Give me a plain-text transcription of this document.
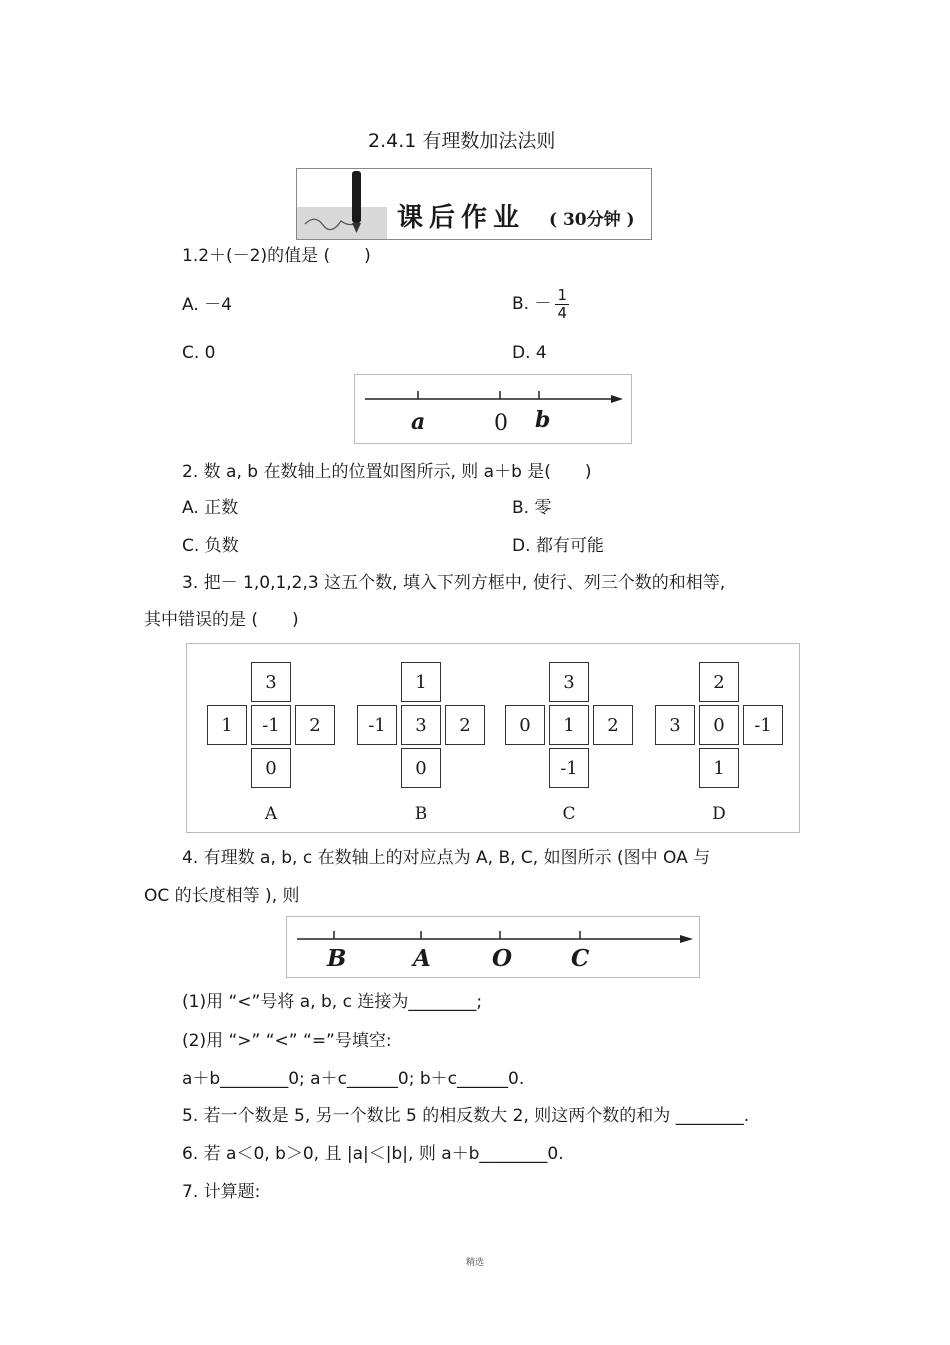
2.4.1 有理数加法法则
课后作业 ( 30分钟 )
1.2＋(－2)的值是 (　　)
A. －4	B. － $\frac{1}{4}$
C. 0	D. 4
a	0 b
2. 数 a, b 在数轴上的位置如图所示, 则 a＋b 是(　　)
A. 正数	B. 零
C. 负数	D. 都有可能
3. 把－ 1,0,1,2,3 这五个数, 填入下列方框中, 使行、列三个数的和相等,
其中错误的是 (　　)
3
1	-1	2
0
A
1
-1	3	2
0
B
3
0	1	2
-1
C
2
3	0	-1
1
D
4. 有理数 a, b, c 在数轴上的对应点为 A, B, C, 如图所示 (图中 OA 与
OC 的长度相等 ), 则
B	A	O	C
(1)用 “<”号将 a, b, c 连接为________;
(2)用 “>” “<” “=”号填空:
a＋b________0; a＋c______0; b＋c______0.
5. 若一个数是 5, 另一个数比 5 的相反数大 2, 则这两个数的和为 ________.
6. 若 a＜0, b＞0, 且 |a|＜|b|, 则 a＋b________0.
7. 计算题:
精选
